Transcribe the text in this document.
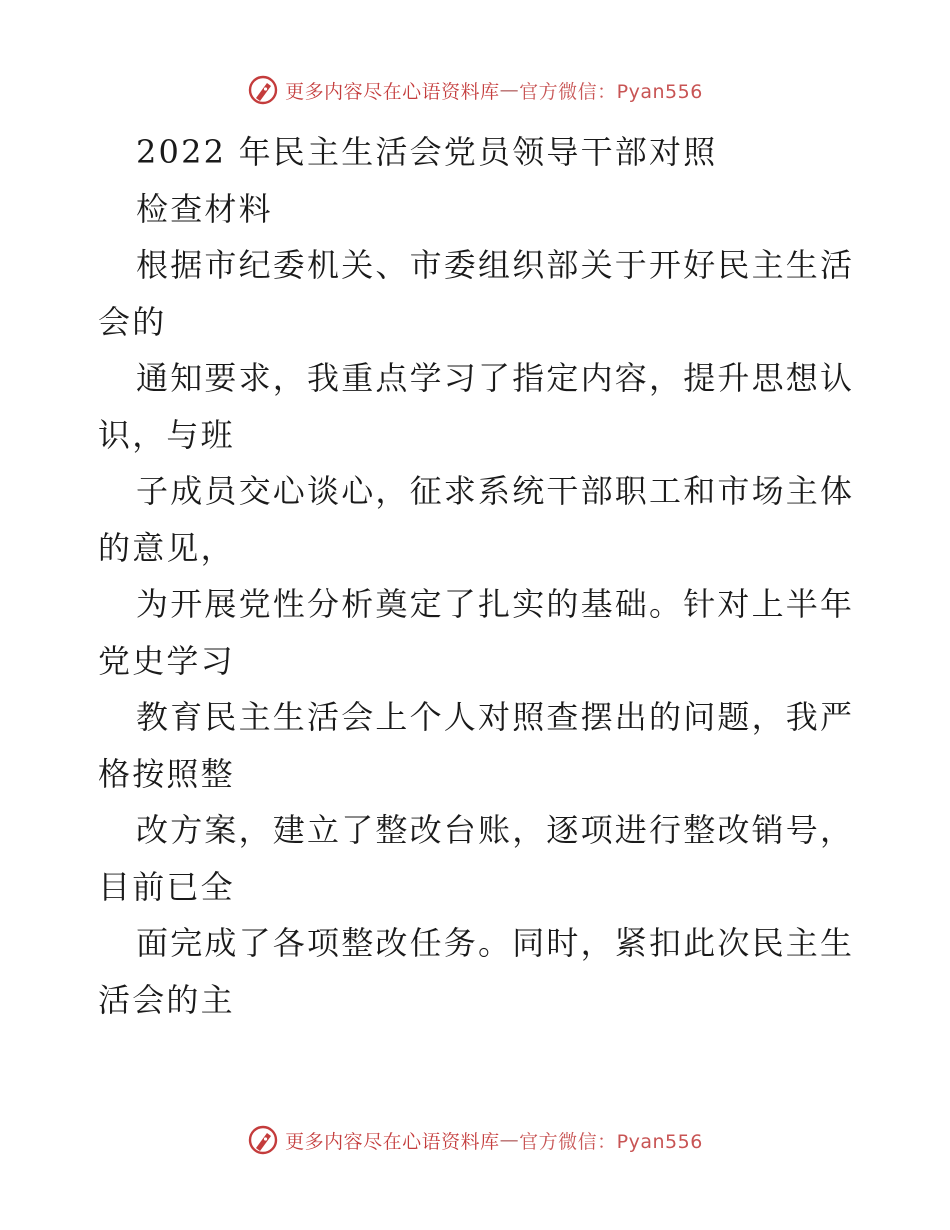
更多内容尽在心语资料库 — 官方微信：Pyan556
2022 年民主生活会党员领导干部对照
检查材料
根据市纪委机关、市委组织部关于开好民主生活
会的
通知要求，我重点学习了指定内容，提升思想认
识，与班
子成员交心谈心，征求系统干部职工和市场主体
的意见，
为开展党性分析奠定了扎实的基础。针对上半年
党史学习
教育民主生活会上个人对照查摆出的问题，我严
格按照整
改方案，建立了整改台账，逐项进行整改销号，
目前已全
面完成了各项整改任务。同时，紧扣此次民主生
活会的主
更多内容尽在心语资料库 — 官方微信：Pyan556
